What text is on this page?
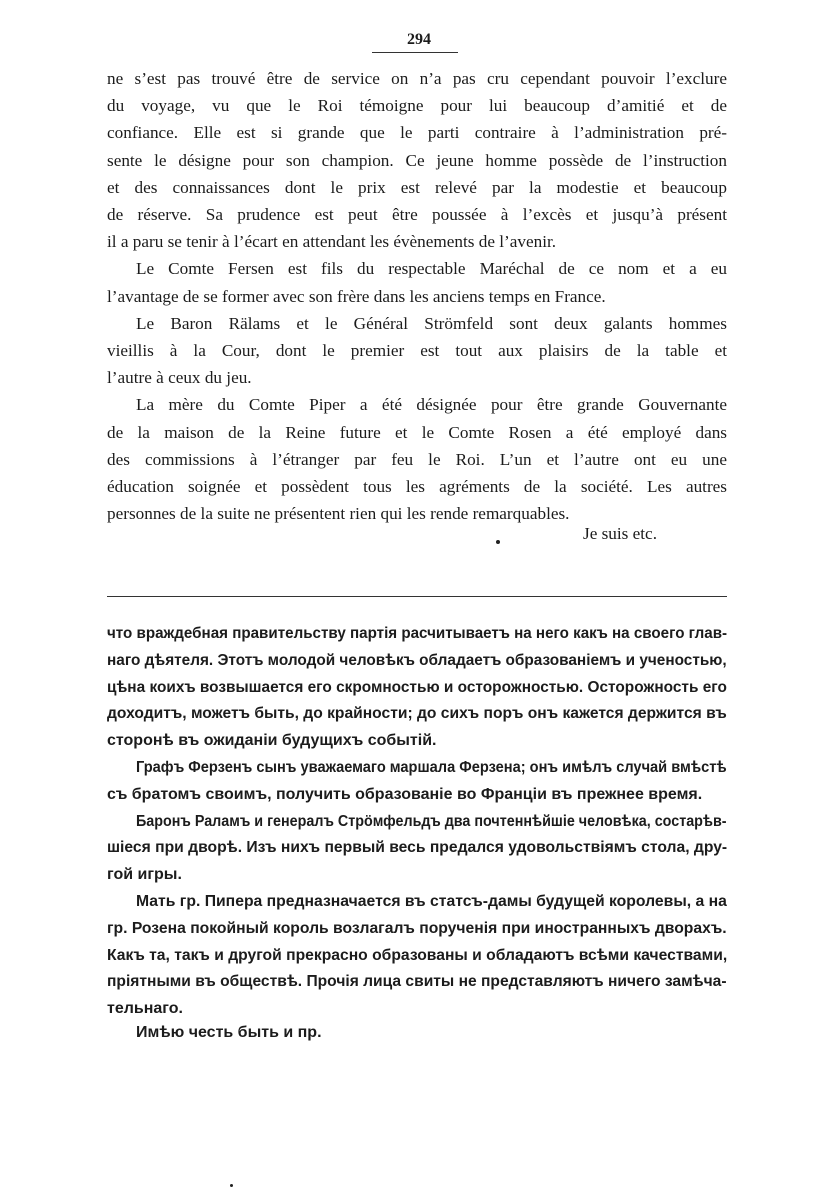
294
ne s’est pas trouvé être de service on n’a pas cru cependant pouvoir l’exclure
du voyage, vu que le Roi témoigne pour lui beaucoup d’amitié et de
confiance. Elle est si grande que le parti contraire à l’administration pré-
sente le désigne pour son champion. Ce jeune homme possède de l’instruction
et des connaissances dont le prix est relevé par la modestie et beaucoup
de réserve. Sa prudence est peut être poussée à l’excès et jusqu’à présent
il a paru se tenir à l’écart en attendant les évènements de l’avenir.
Le Comte Fersen est fils du respectable Maréchal de ce nom et a eu
l’avantage de se former avec son frère dans les anciens temps en France.
Le Baron Rälams et le Général Strömfeld sont deux galants hommes
vieillis à la Cour, dont le premier est tout aux plaisirs de la table et
l’autre à ceux du jeu.
La mère du Comte Piper a été désignée pour être grande Gouvernante
de la maison de la Reine future et le Comte Rosen a été employé dans
des commissions à l’étranger par feu le Roi. L’un et l’autre ont eu une
éducation soignée et possèdent tous les agréments de la société. Les autres
personnes de la suite ne présentent rien qui les rende remarquables.
Je suis etc.
что враждебная правительству партія расчитываетъ на него какъ на своего глав-
наго дѣятеля. Этотъ молодой человѣкъ обладаетъ образованіемъ и ученостью,
цѣна коихъ возвышается его скромностью и осторожностью. Осторожность его
доходитъ, можетъ быть, до крайности; до сихъ поръ онъ кажется держится въ
сторонѣ въ ожиданіи будущихъ событій.
Графъ Ферзенъ сынъ уважаемаго маршала Ферзена; онъ имѣлъ случай вмѣстѣ
съ братомъ своимъ, получить образованіе во Франціи въ прежнее время.
Баронъ Раламъ и генералъ Стрӧмфельдъ два почтеннѣйшіе человѣка, состарѣв-
шіеся при дворѣ. Изъ нихъ первый весь предался удовольствіямъ стола, дру-
гой игры.
Мать гр. Пипера предназначается въ статсъ-дамы будущей королевы, а на
гр. Розена покойный король возлагалъ порученія при иностранныхъ дворахъ.
Какъ та, такъ и другой прекрасно образованы и обладаютъ всѣми качествами,
пріятными въ обществѣ. Прочія лица свиты не представляютъ ничего замѣча-
тельнаго.
Имѣю честь быть и пр.
